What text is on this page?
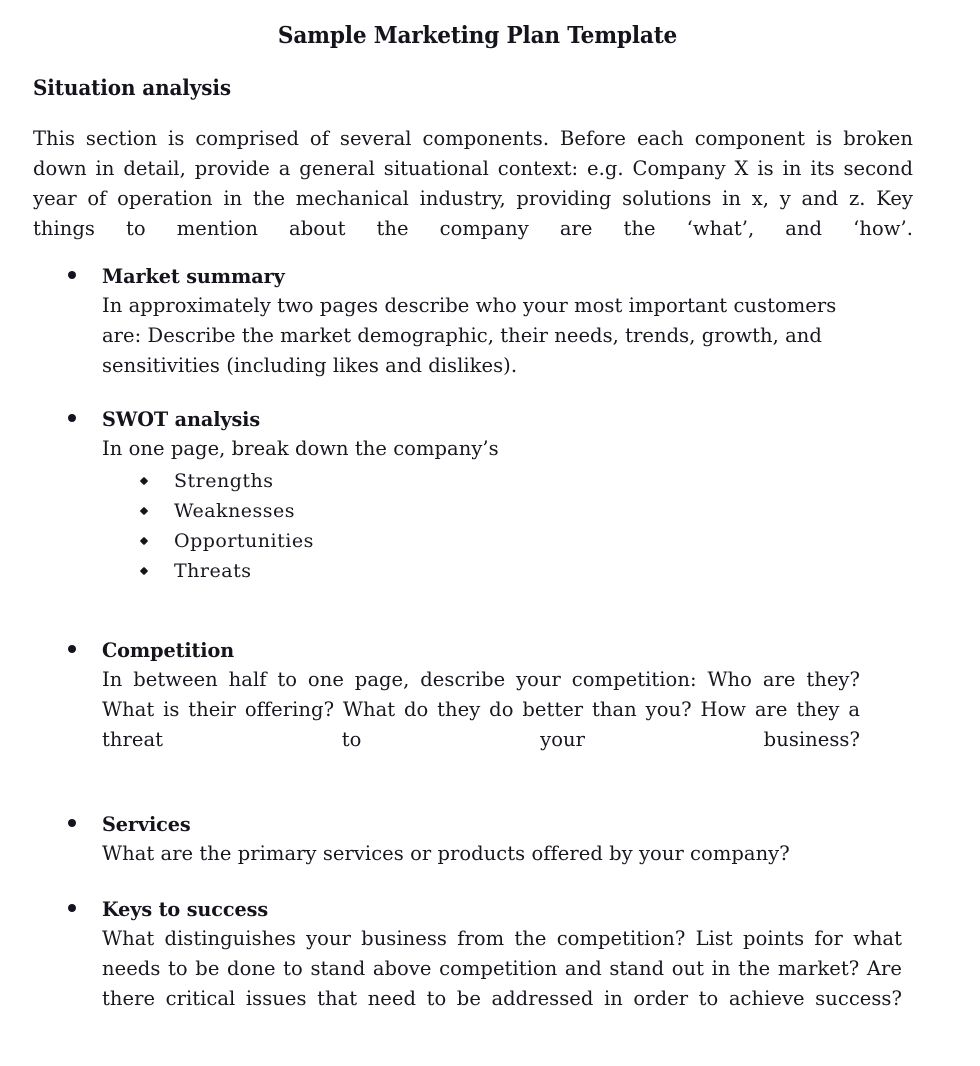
Sample Marketing Plan Template
Situation analysis
This section is comprised of several components. Before each component is broken down in detail, provide a general situational context: e.g. Company X is in its second year of operation in the mechanical industry, providing solutions in x, y and z. Key things to mention about the company are the ‘what’, and ‘how’.
Market summary
In approximately two pages describe who your most important customers are: Describe the market demographic, their needs, trends, growth, and sensitivities (including likes and dislikes).
SWOT analysis
In one page, break down the company’s
Strengths
Weaknesses
Opportunities
Threats
Competition
In between half to one page, describe your competition: Who are they? What is their offering? What do they do better than you? How are they a threat to your business?
Services
What are the primary services or products offered by your company?
Keys to success
What distinguishes your business from the competition? List points for what needs to be done to stand above competition and stand out in the market? Are there critical issues that need to be addressed in order to achieve success?
